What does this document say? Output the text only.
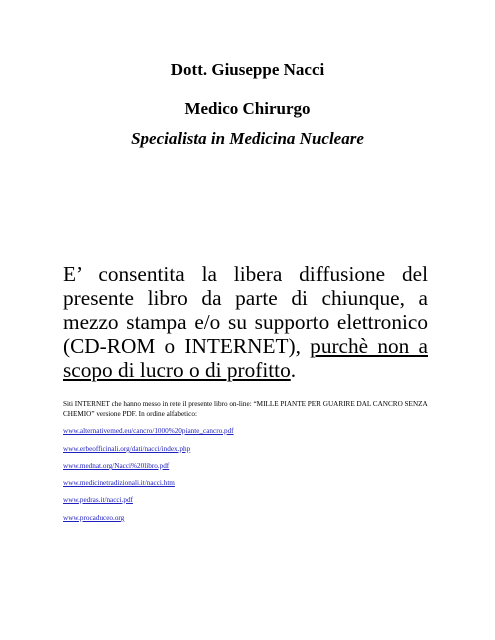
Dott. Giuseppe Nacci
Medico Chirurgo
Specialista in Medicina Nucleare

E’ consentita la libera diffusione del presente libro da parte di chiunque, a mezzo stampa e/o su supporto elettronico (CD-ROM o INTERNET), purchè non a scopo di lucro o di profitto.

Siti INTERNET che hanno messo in rete il presente libro on-line: “MILLE PIANTE PER GUARIRE DAL CANCRO SENZA CHEMIO” versione PDF. In ordine alfabetico:

www.alternativemed.eu/cancro/1000%20piante_cancro.pdf
www.erbeofficinali.org/dati/nacci/index.php
www.mednat.org/Nacci%20libro.pdf
www.medicinetradizionali.it/nacci.htm
www.pedras.it/nacci.pdf
www.procaduceo.org
